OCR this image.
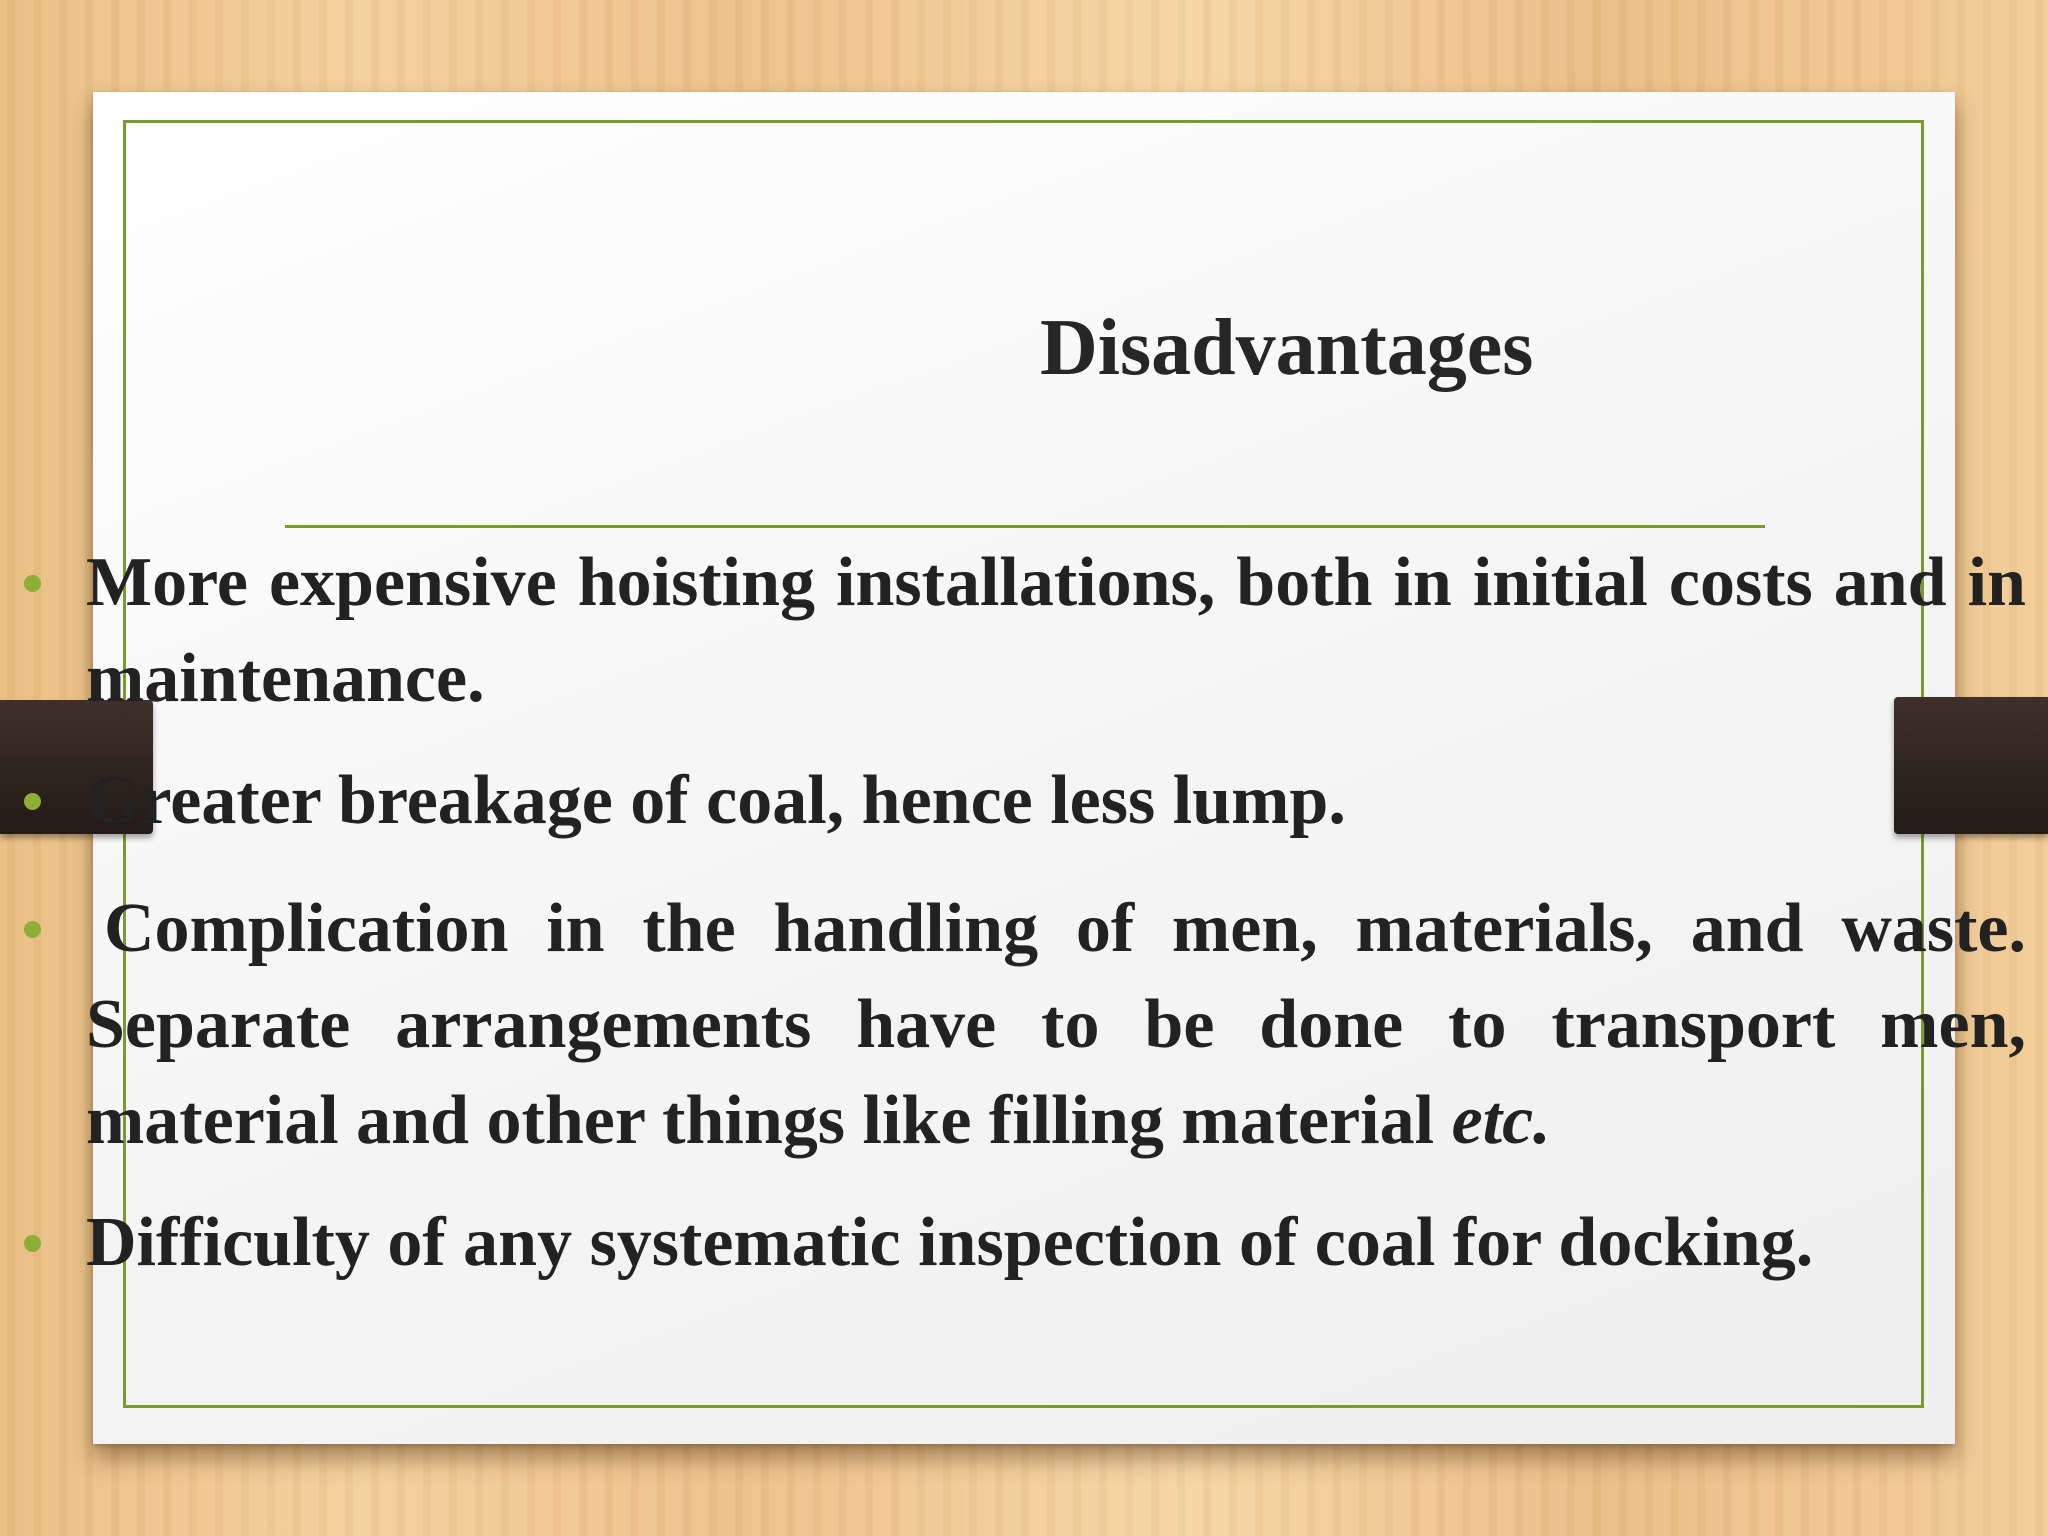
Disadvantages
More expensive hoisting installations, both in initial costs and in maintenance.
Greater breakage of coal, hence less lump.
Complication in the handling of men, materials, and waste. Separate arrangements have to be done to transport men, material and other things like filling material etc.
Difficulty of any systematic inspection of coal for docking.
